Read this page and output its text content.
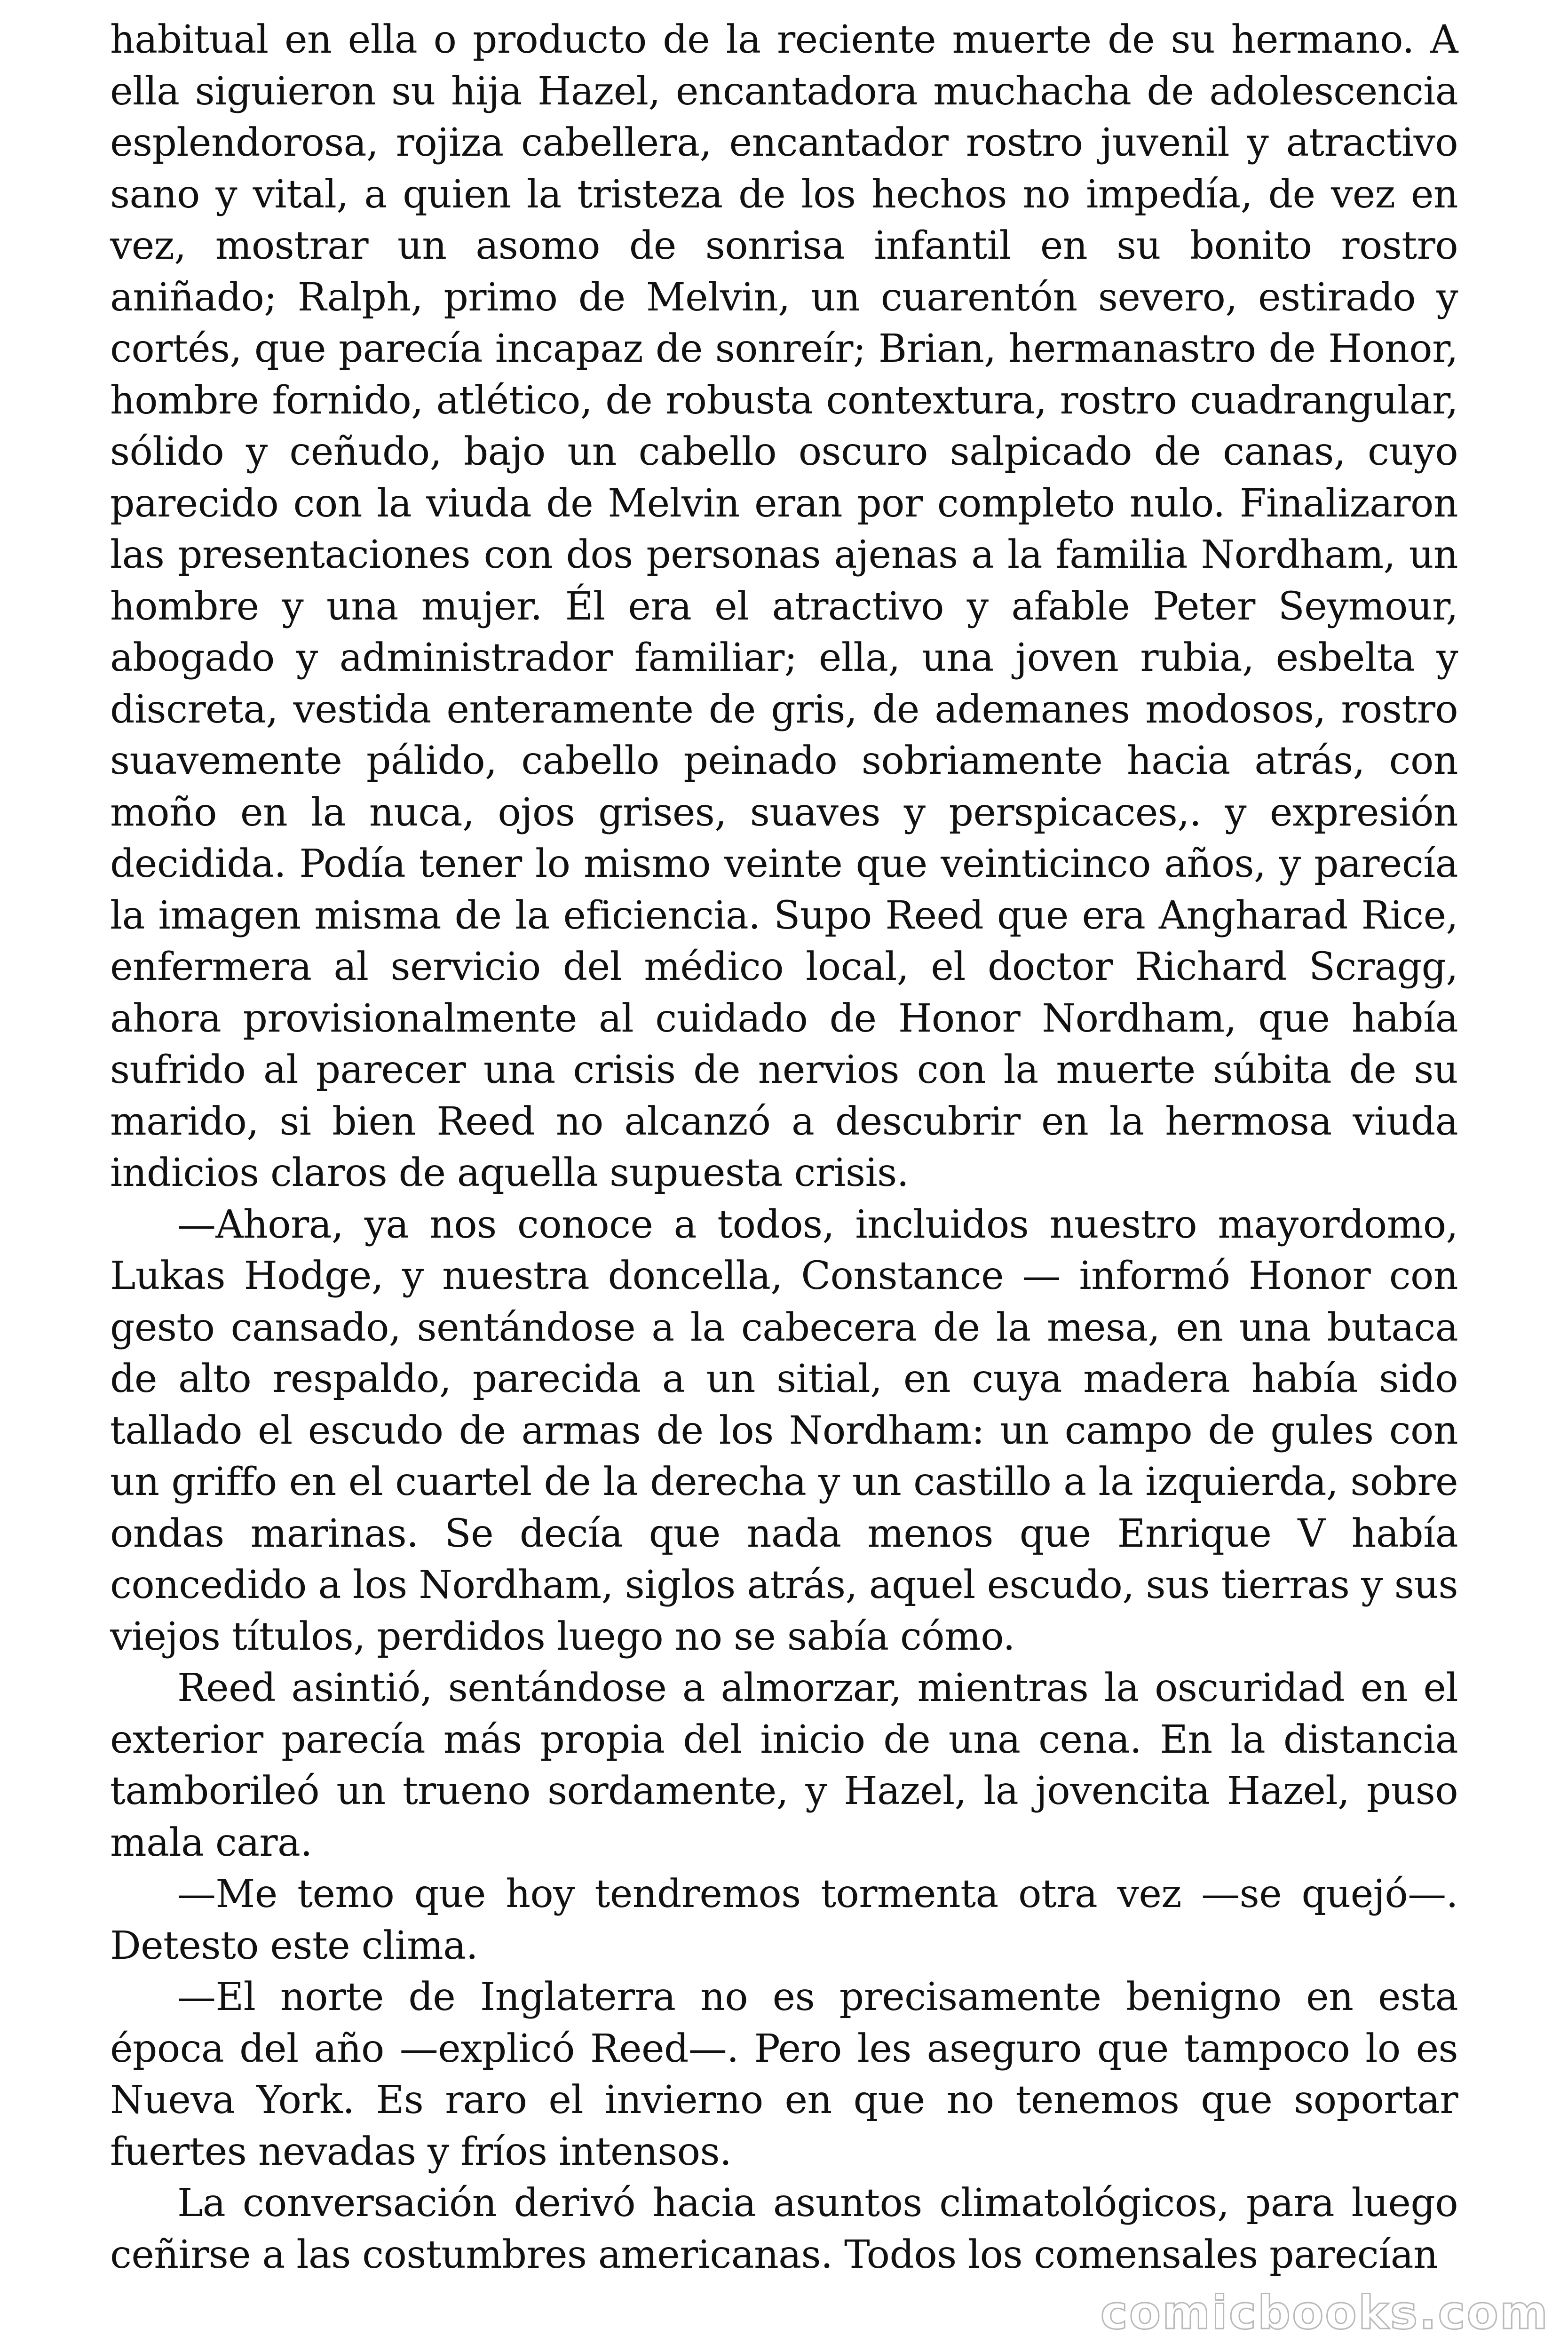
habitual en ella o producto de la reciente muerte de su hermano. A ella siguieron su hija Hazel, encantadora muchacha de adolescencia esplendorosa, rojiza cabellera, encantador rostro juvenil y atractivo sano y vital, a quien la tristeza de los hechos no impedía, de vez en vez, mostrar un asomo de sonrisa infantil en su bonito rostro aniñado; Ralph, primo de Melvin, un cuarentón severo, estirado y cortés, que parecía incapaz de sonreír; Brian, hermanastro de Honor, hombre fornido, atlético, de robusta contextura, rostro cuadrangular, sólido y ceñudo, bajo un cabello oscuro salpicado de canas, cuyo parecido con la viuda de Melvin eran por completo nulo. Finalizaron las presentaciones con dos personas ajenas a la familia Nordham, un hombre y una mujer. Él era el atractivo y afable Peter Seymour, abogado y administrador familiar; ella, una joven rubia, esbelta y discreta, vestida enteramente de gris, de ademanes modosos, rostro suavemente pálido, cabello peinado sobriamente hacia atrás, con moño en la nuca, ojos grises, suaves y perspicaces,. y expresión decidida. Podía tener lo mismo veinte que veinticinco años, y parecía la imagen misma de la eficiencia. Supo Reed que era Angharad Rice, enfermera al servicio del médico local, el doctor Richard Scragg, ahora provisionalmente al cuidado de Honor Nordham, que había sufrido al parecer una crisis de nervios con la muerte súbita de su marido, si bien Reed no alcanzó a descubrir en la hermosa viuda indicios claros de aquella supuesta crisis.

—Ahora, ya nos conoce a todos, incluidos nuestro mayordomo, Lukas Hodge, y nuestra doncella, Constance — informó Honor con gesto cansado, sentándose a la cabecera de la mesa, en una butaca de alto respaldo, parecida a un sitial, en cuya madera había sido tallado el escudo de armas de los Nordham: un campo de gules con un griffo en el cuartel de la derecha y un castillo a la izquierda, sobre ondas marinas. Se decía que nada menos que Enrique V había concedido a los Nordham, siglos atrás, aquel escudo, sus tierras y sus viejos títulos, perdidos luego no se sabía cómo.

Reed asintió, sentándose a almorzar, mientras la oscuridad en el exterior parecía más propia del inicio de una cena. En la distancia tamborileó un trueno sordamente, y Hazel, la jovencita Hazel, puso mala cara.

—Me temo que hoy tendremos tormenta otra vez —se quejó—. Detesto este clima.

—El norte de Inglaterra no es precisamente benigno en esta época del año —explicó Reed—. Pero les aseguro que tampoco lo es Nueva York. Es raro el invierno en que no tenemos que soportar fuertes nevadas y fríos intensos.

La conversación derivó hacia asuntos climatológicos, para luego ceñirse a las costumbres americanas. Todos los comensales parecían

comicbooks.com
